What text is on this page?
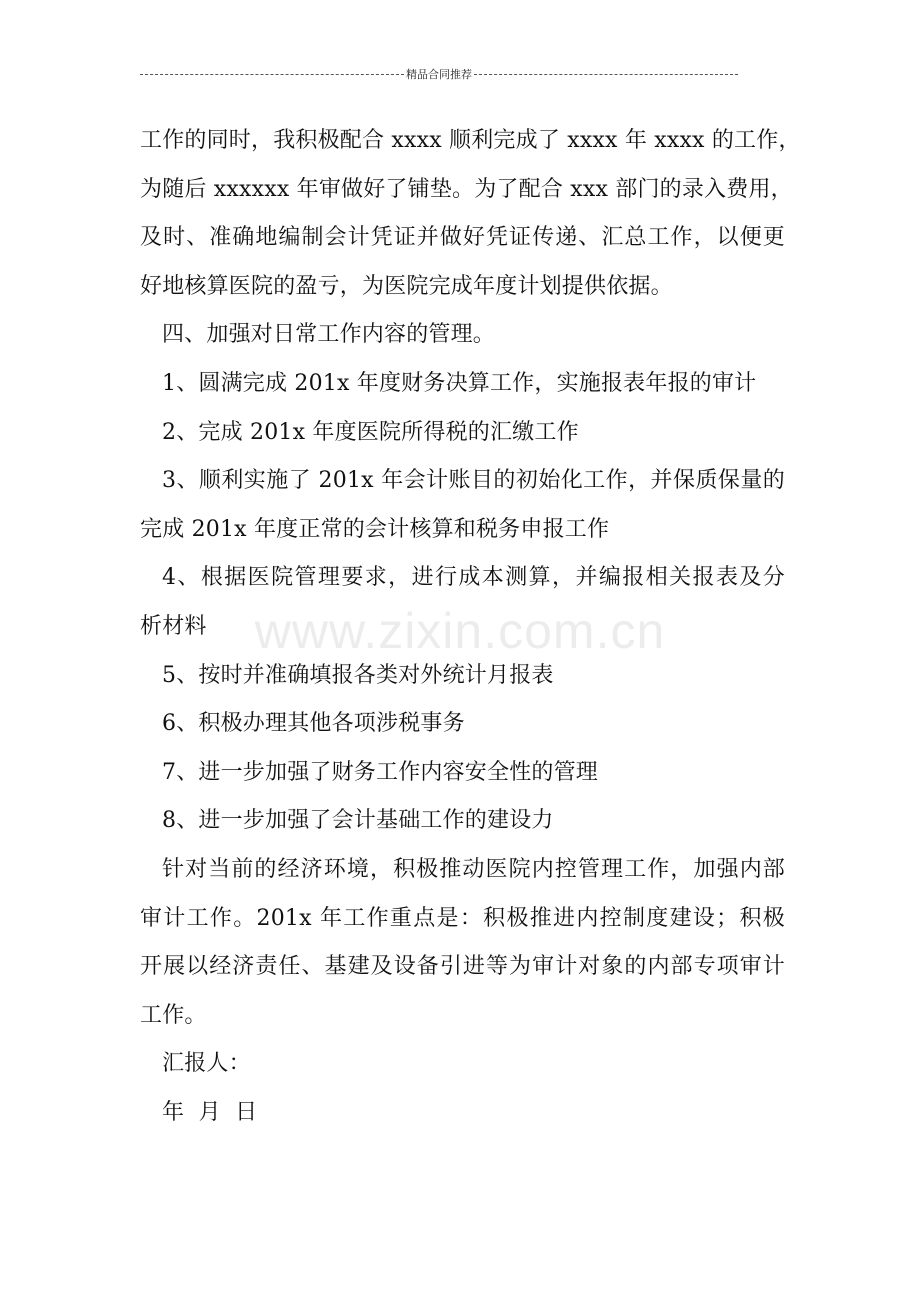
精品合同推荐
www.zixin.com.cn
工作的同时，我积极配合 xxxx 顺利完成了 xxxx 年 xxxx 的工作，
为随后 xxxxxx 年审做好了铺垫。为了配合 xxx 部门的录入费用，
及时、准确地编制会计凭证并做好凭证传递、汇总工作，以便更
好地核算医院的盈亏，为医院完成年度计划提供依据。
四、加强对日常工作内容的管理。
1、圆满完成 201x 年度财务决算工作，实施报表年报的审计
2、完成 201x 年度医院所得税的汇缴工作
3、顺利实施了 201x 年会计账目的初始化工作，并保质保量的
完成 201x 年度正常的会计核算和税务申报工作
4、根据医院管理要求，进行成本测算，并编报相关报表及分
析材料
5、按时并准确填报各类对外统计月报表
6、积极办理其他各项涉税事务
7、进一步加强了财务工作内容安全性的管理
8、进一步加强了会计基础工作的建设力
针对当前的经济环境，积极推动医院内控管理工作，加强内部
审计工作。201x 年工作重点是：积极推进内控制度建设；积极
开展以经济责任、基建及设备引进等为审计对象的内部专项审计
工作。
汇报人：
年  月  日
